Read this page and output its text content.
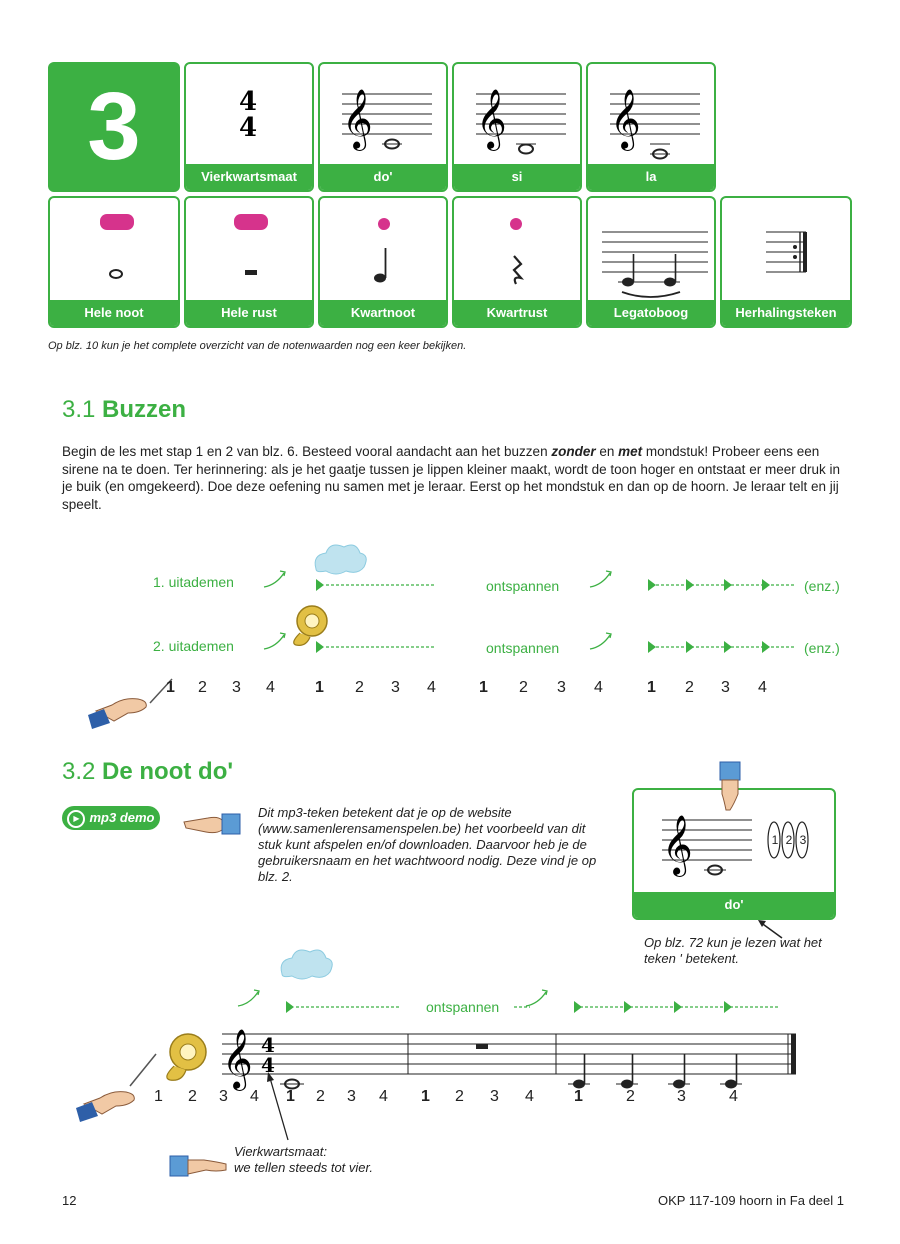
3	4
4
Vierkwartsmaat
𝄞
do'
𝄞
si
𝄞
la
Hele noot	Hele rust	Kwartnoot	Kwartrust	Legatoboog	Herhalingsteken
Op blz. 10 kun je het complete overzicht van de notenwaarden nog een keer bekijken.
3.1 Buzzen
Begin de les met stap 1 en 2 van blz. 6. Besteed vooral aandacht aan het buzzen zonder en met mondstuk! Probeer eens een sirene na te doen. Ter herinnering: als je het gaatje tussen je lippen kleiner maakt, wordt de toon hoger en ontstaat er meer druk in je buik (en omgekeerd). Doe deze oefening nu samen met je leraar. Eerst op het mondstuk en dan op de hoorn. Je leraar telt en jij speelt.
1. uitademen
2. uitademen
ontspannen
ontspannen
(enz.)
(enz.)
1 2 3 4	1 2 3 4	1 2 3 4	1 2 3 4
3.2 De noot do'
▶ mp3 demo	Dit mp3-teken betekent dat je op de website (www.samenlerensamenspelen.be) het voorbeeld van dit stuk kunt afspelen en/of downloaden. Daarvoor heb je de gebruikersnaam en het wachtwoord nodig. Deze vind je op blz. 2.
𝄞	1 2 3
do'
Op blz. 72 kun je lezen wat het teken ' betekent.
𝄞 4
4
ontspannen
1 2 3 4 1 2 3 4 1 2 3 4	1	2	3	4
Vierkwartsmaat:
we tellen steeds tot vier.
12	OKP 117-109 hoorn in Fa deel 1
